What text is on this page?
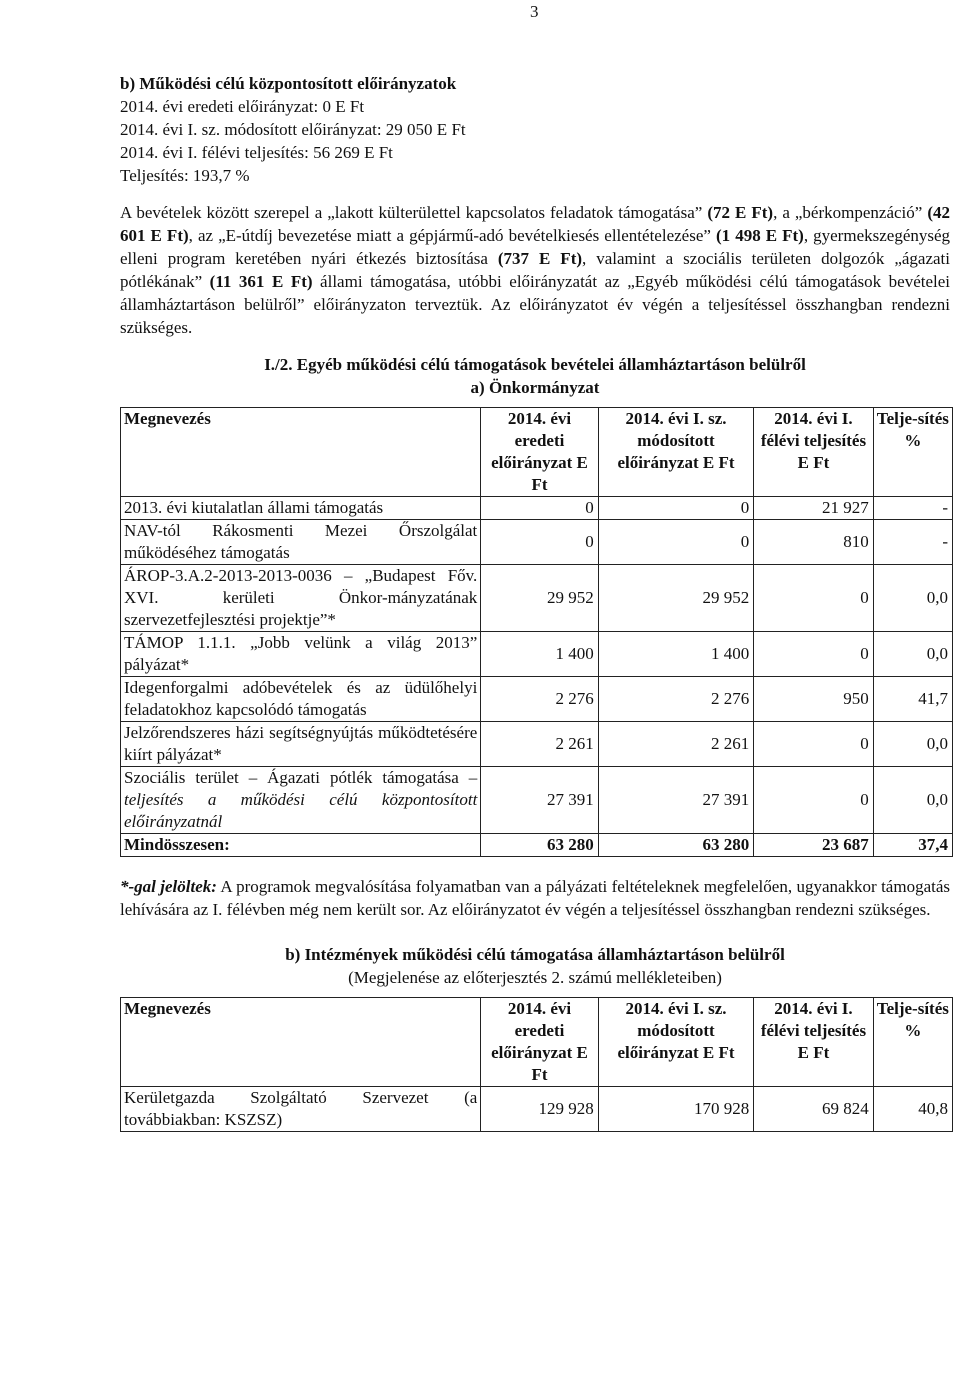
3
b) Működési célú központosított előirányzatok
2014. évi eredeti előirányzat: 0 E Ft
2014. évi I. sz. módosított előirányzat: 29 050 E Ft
2014. évi I. félévi teljesítés: 56 269 E Ft
Teljesítés: 193,7 %
A bevételek között szerepel a „lakott külterülettel kapcsolatos feladatok támogatása” (72 E Ft), a „bérkompenzáció” (42 601 E Ft), az „E-útdíj bevezetése miatt a gépjármű-adó bevételkiesés ellentételezése” (1 498 E Ft), gyermekszegénység elleni program keretében nyári étkezés biztosítása (737 E Ft), valamint a szociális területen dolgozók „ágazati pótlékának” (11 361 E Ft) állami támogatása, utóbbi előirányzatát az „Egyéb működési célú támogatások bevételei államháztartáson belülről” előirányzaton terveztük. Az előirányzatot év végén a teljesítéssel összhangban rendezni szükséges.
I./2. Egyéb működési célú támogatások bevételei államháztartáson belülről
a) Önkormányzat
Megnevezés	2014. évi eredeti előirányzat E Ft	2014. évi I. sz. módosított előirányzat E Ft	2014. évi I. félévi teljesítés E Ft	Telje-sítés %
2013. évi kiutalatlan állami támogatás	0	0	21 927	-
NAV-tól Rákosmenti Mezei Őrszolgálat működéséhez támogatás	0	0	810	-
ÁROP-3.A.2-2013-2013-0036 – „Budapest Főv. XVI. kerületi Önkor-mányzatának szervezetfejlesztési projektje”*	29 952	29 952	0	0,0
TÁMOP 1.1.1. „Jobb velünk a világ 2013” pályázat*	1 400	1 400	0	0,0
Idegenforgalmi adóbevételek és az üdülőhelyi feladatokhoz kapcsolódó támogatás	2 276	2 276	950	41,7
Jelzőrendszeres házi segítségnyújtás működtetésére kiírt pályázat*	2 261	2 261	0	0,0
Szociális terület – Ágazati pótlék támogatása – teljesítés a működési célú központosított előirányzatnál	27 391	27 391	0	0,0
Mindösszesen:	63 280	63 280	23 687	37,4
*-gal jelöltek: A programok megvalósítása folyamatban van a pályázati feltételeknek megfelelően, ugyanakkor támogatás lehívására az I. félévben még nem került sor. Az előirányzatot év végén a teljesítéssel összhangban rendezni szükséges.
b) Intézmények működési célú támogatása államháztartáson belülről
(Megjelenése az előterjesztés 2. számú mellékleteiben)
Megnevezés	2014. évi eredeti előirányzat E Ft	2014. évi I. sz. módosított előirányzat E Ft	2014. évi I. félévi teljesítés E Ft	Telje-sítés %
Kerületgazda Szolgáltató Szervezet (a továbbiakban: KSZSZ)	129 928	170 928	69 824	40,8
